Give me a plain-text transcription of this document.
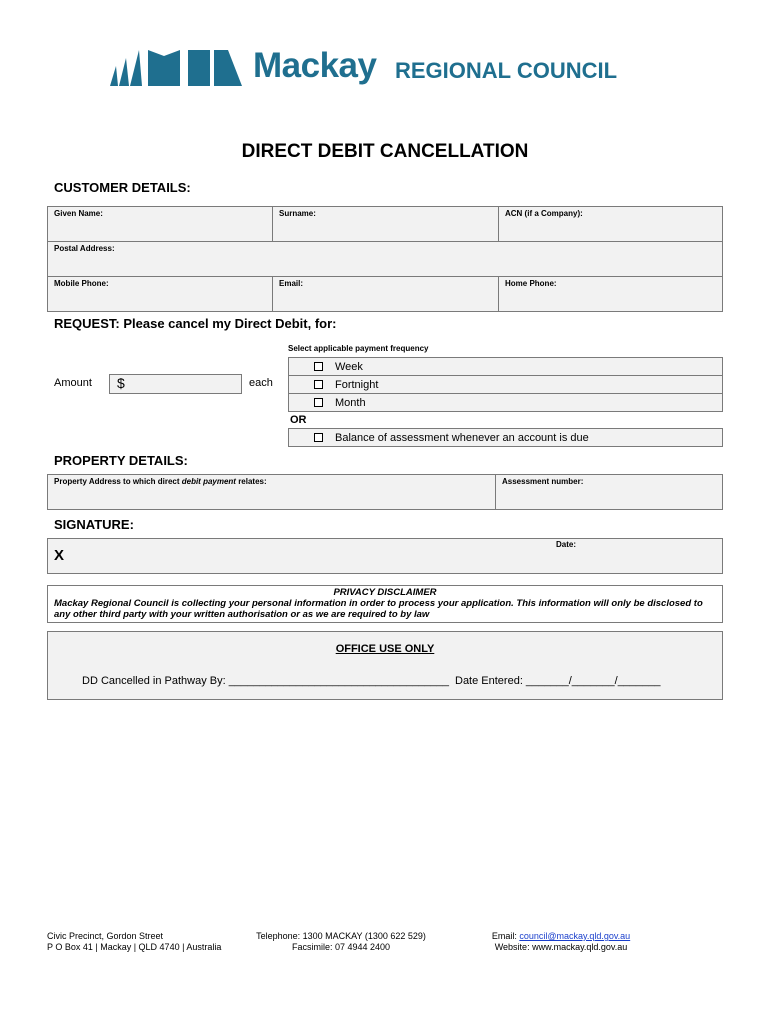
Mackay REGIONAL COUNCIL
DIRECT DEBIT CANCELLATION
CUSTOMER DETAILS:
Given Name:	Surname:	ACN (if a Company):
Postal Address:
Mobile Phone:	Email:	Home Phone:
REQUEST: Please cancel my Direct Debit, for:
Select applicable payment frequency
Amount $	each
Week
Fortnight
Month
OR
Balance of assessment whenever an account is due
PROPERTY DETAILS:
Property Address to which direct debit payment relates:	Assessment number:
SIGNATURE:
X
Date:
PRIVACY DISCLAIMER
Mackay Regional Council is collecting your personal information in order to process your application. This information will only be disclosed to any other third party with your written authorisation or as we are required to by law
OFFICE USE ONLY
DD Cancelled in Pathway By: ____________________________________ Date Entered: _______/_______/_______
Civic Precinct, Gordon Street
P O Box 41 | Mackay | QLD 4740 | Australia
Telephone: 1300 MACKAY (1300 622 529)
Facsimile: 07 4944 2400
Email: council@mackay.qld.gov.au
Website: www.mackay.qld.gov.au
